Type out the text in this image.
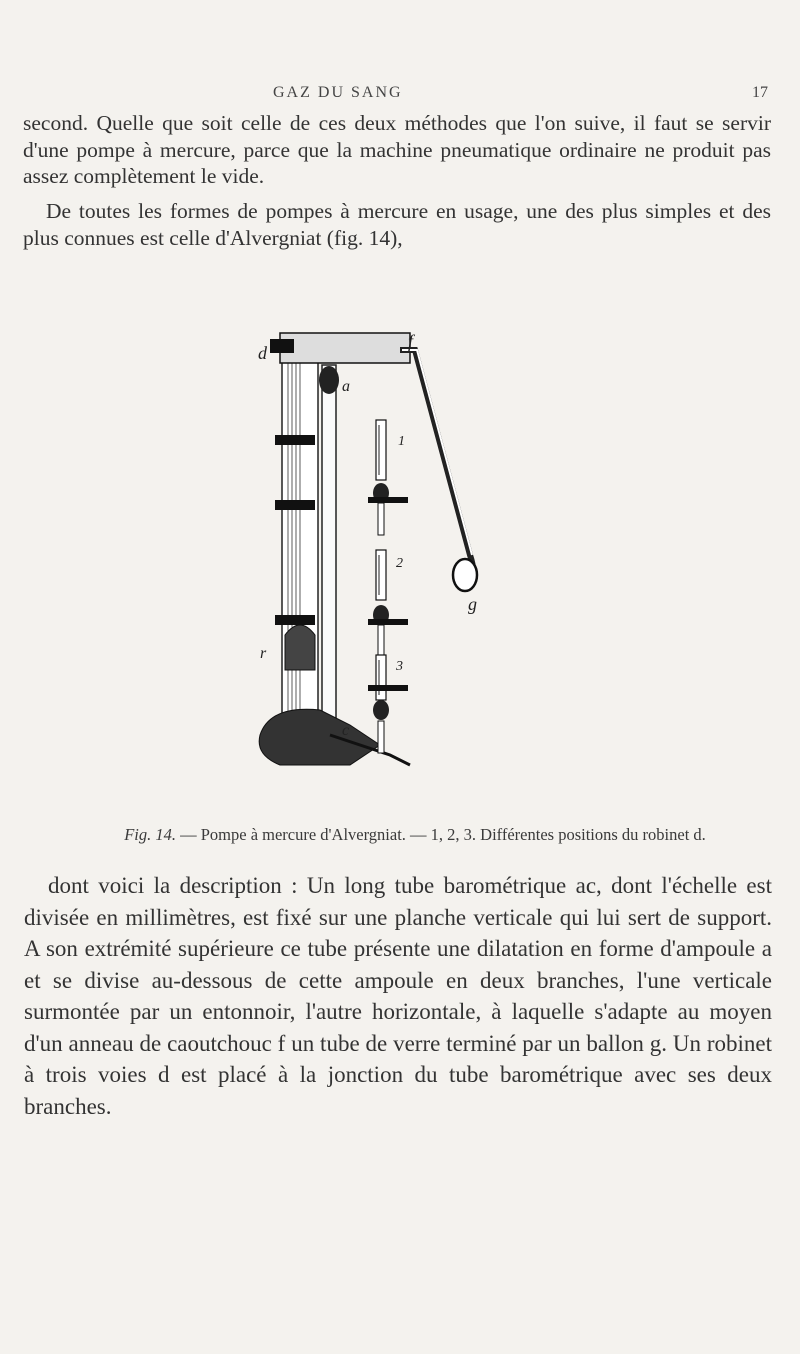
GAZ DU SANG	17

second. Quelle que soit celle de ces deux méthodes que l'on suive, il faut se servir d'une pompe à mercure, parce que la machine pneumatique ordinaire ne produit pas assez complètement le vide.

De toutes les formes de pompes à mercure en usage, une des plus simples et des plus connues est celle d'Alvergniat (fig. 14),

d
f
a
1
2
3
g
r
c
Fig. 14. — Pompe à mercure d'Alvergniat. — 1, 2, 3. Différentes positions du robinet d.

dont voici la description : Un long tube barométrique ac, dont l'échelle est divisée en millimètres, est fixé sur une planche verticale qui lui sert de support. A son extrémité supérieure ce tube présente une dilatation en forme d'ampoule a et se divise au-dessous de cette ampoule en deux branches, l'une verticale surmontée par un entonnoir, l'autre horizontale, à laquelle s'adapte au moyen d'un anneau de caoutchouc f un tube de verre terminé par un ballon g. Un robinet à trois voies d est placé à la jonction du tube barométrique avec ses deux branches.
